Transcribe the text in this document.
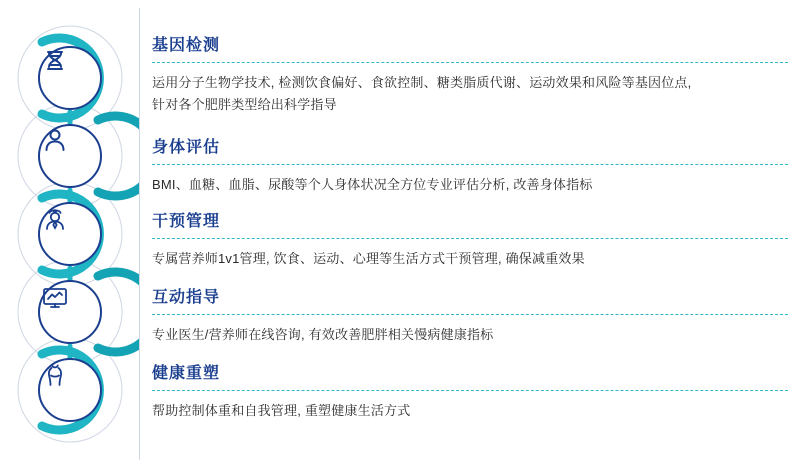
基因检测
运用分子生物学技术, 检测饮食偏好、食欲控制、糖类脂质代谢、运动效果和风险等基因位点,
针对各个肥胖类型给出科学指导
身体评估
BMI、血糖、血脂、尿酸等个人身体状况全方位专业评估分析, 改善身体指标
干预管理
专属营养师1v1管理, 饮食、运动、心理等生活方式干预管理, 确保减重效果
互动指导
专业医生/营养师在线咨询, 有效改善肥胖相关慢病健康指标
健康重塑
帮助控制体重和自我管理, 重塑健康生活方式
